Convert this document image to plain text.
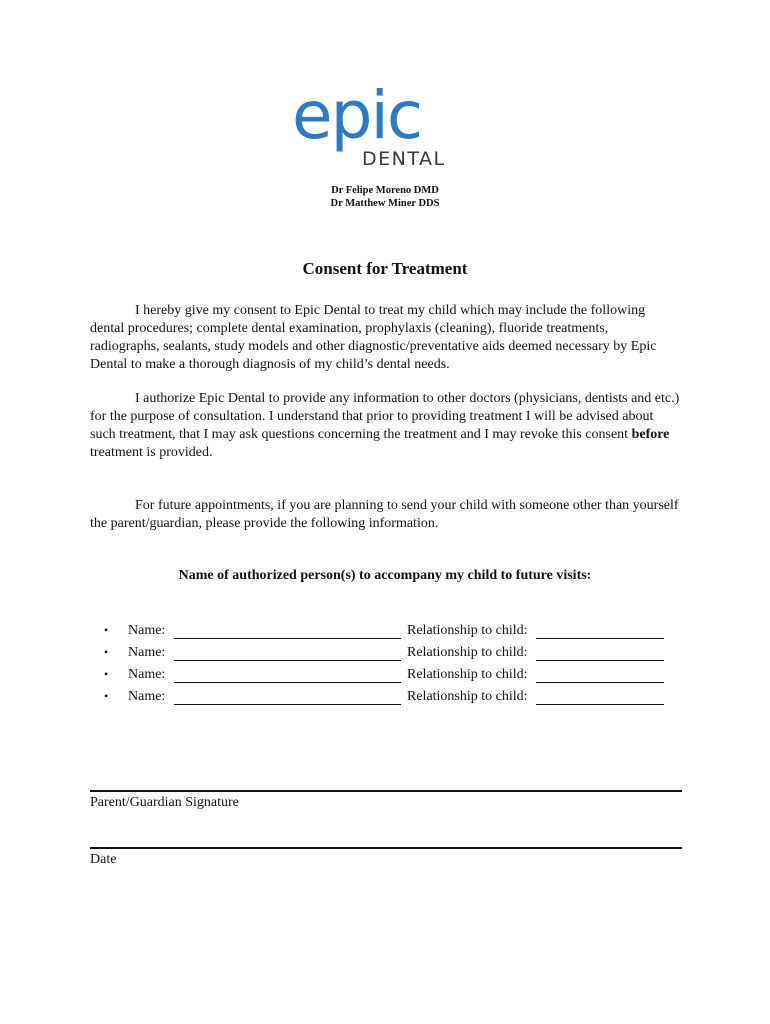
epic
DENTAL
Dr Felipe Moreno DMD
Dr Matthew Miner DDS
Consent for Treatment

I hereby give my consent to Epic Dental to treat my child which may include the following dental procedures; complete dental examination, prophylaxis (cleaning), fluoride treatments, radiographs, sealants, study models and other diagnostic/preventative aids deemed necessary by Epic Dental to make a thorough diagnosis of my child’s dental needs.

I authorize Epic Dental to provide any information to other doctors (physicians, dentists and etc.) for the purpose of consultation. I understand that prior to providing treatment I will be advised about such treatment, that I may ask questions concerning the treatment and I may revoke this consent before treatment is provided.

For future appointments, if you are planning to send your child with someone other than yourself the parent/guardian, please provide the following information.

Name of authorized person(s) to accompany my child to future visits:
• Name:	Relationship to child:
• Name:	Relationship to child:
• Name:	Relationship to child:
• Name:	Relationship to child:
Parent/Guardian Signature
Date
